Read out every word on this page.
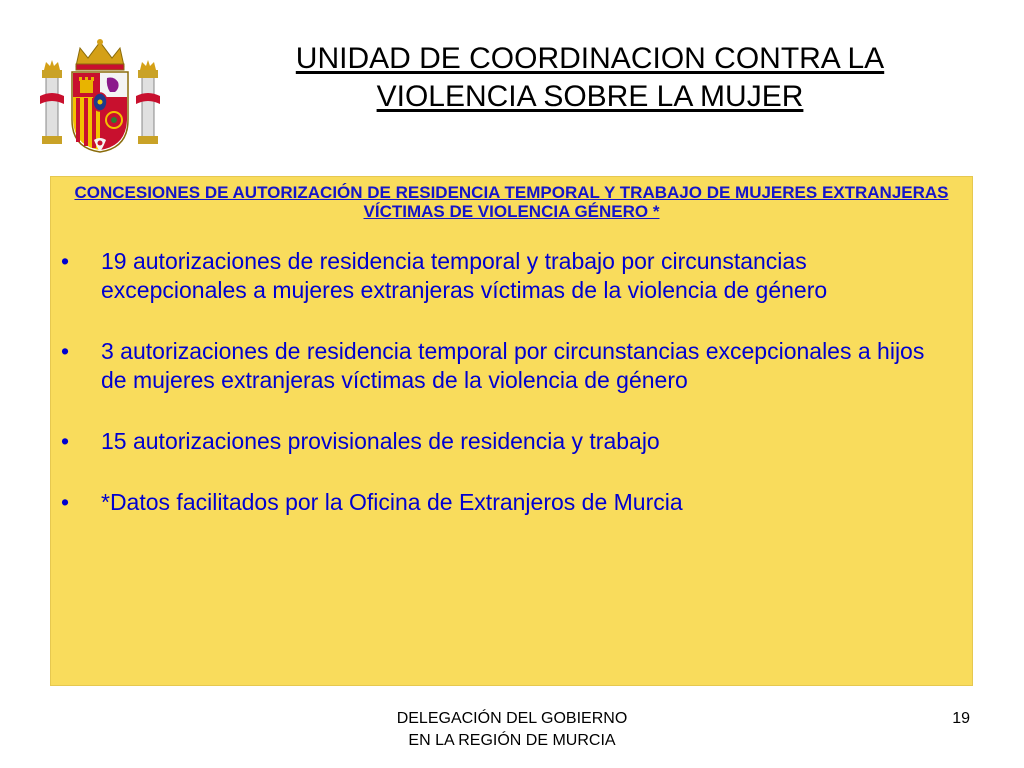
UNIDAD DE COORDINACION CONTRA LA
VIOLENCIA SOBRE LA MUJER
CONCESIONES DE AUTORIZACIÓN DE RESIDENCIA TEMPORAL Y TRABAJO DE MUJERES EXTRANJERAS VÍCTIMAS DE VIOLENCIA GÉNERO *
• 19 autorizaciones de residencia temporal y trabajo por circunstancias excepcionales a mujeres extranjeras víctimas de la violencia de género
• 3 autorizaciones de residencia temporal por circunstancias excepcionales a hijos de mujeres extranjeras víctimas de la violencia de género
• 15 autorizaciones provisionales de residencia y trabajo
• *Datos facilitados por la Oficina de Extranjeros de Murcia
DELEGACIÓN DEL GOBIERNO
EN LA REGIÓN DE MURCIA
19
